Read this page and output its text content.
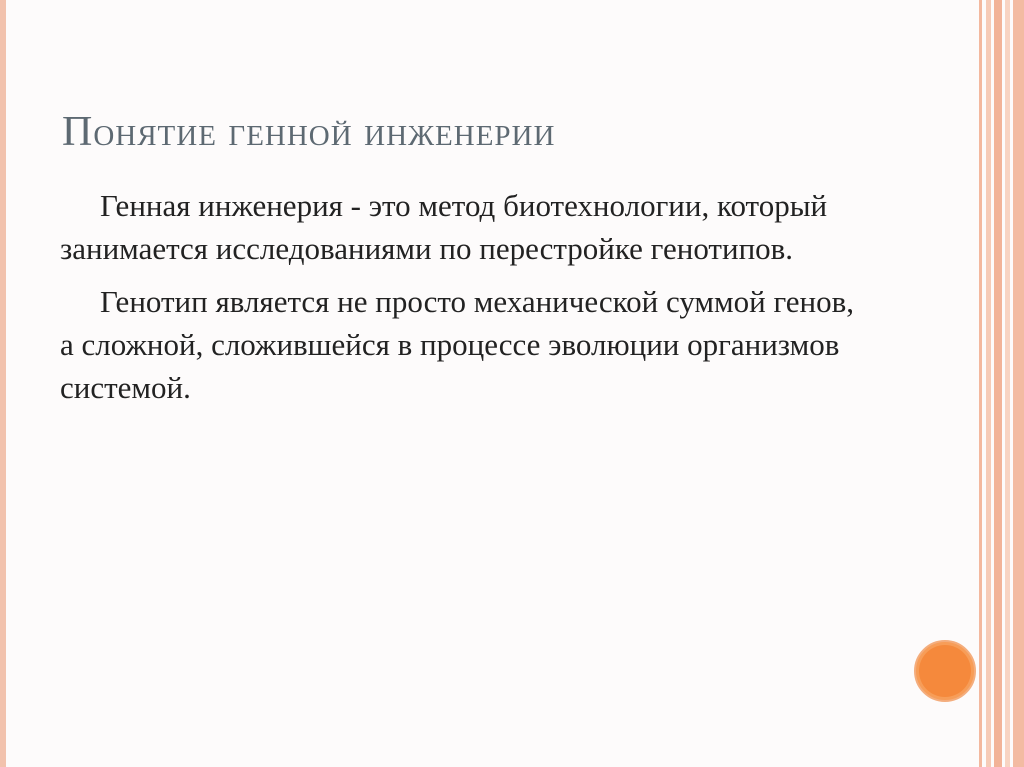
Понятие генной инженерии

Генная инженерия - это метод биотехнологии, который занимается исследованиями по перестройке генотипов.

Генотип является не просто механической суммой генов, а сложной, сложившейся в процессе эволюции организмов системой.
